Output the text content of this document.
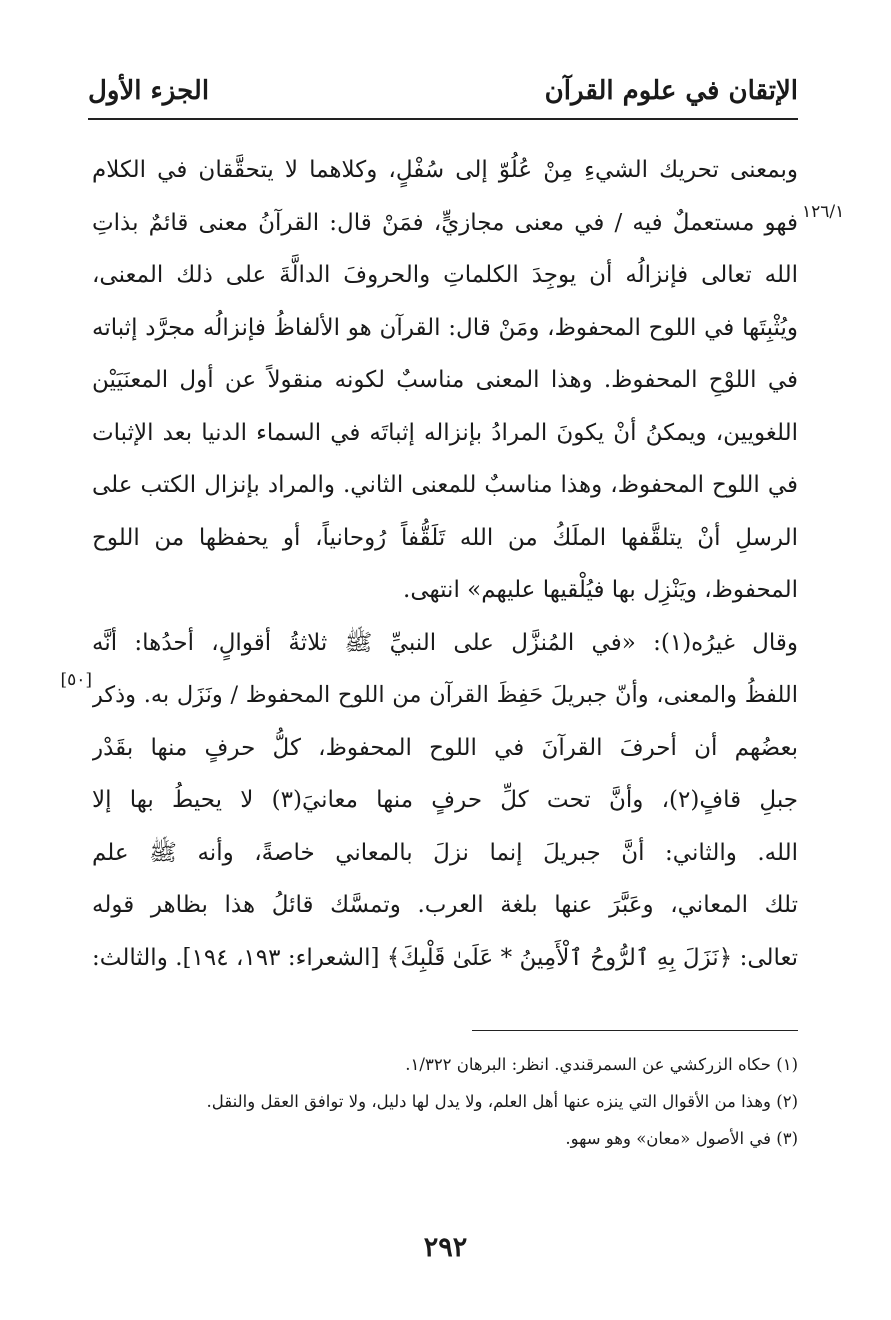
الإتقان في علوم القرآن
الجزء الأول
١٢٦/١
[٥٠]
وبمعنى تحريك الشيءِ مِنْ عُلُوّ إلى سُفْلٍ، وكلاهما لا يتحقَّقان في الكلام
فهو مستعملٌ فيه / في معنى مجازيٍّ، فمَنْ قال: القرآنُ معنى قائمٌ بذاتِ
الله تعالى فإنزالُه أن يوجِدَ الكلماتِ والحروفَ الدالَّةَ على ذلك المعنى،
ويُثْبِتَها في اللوح المحفوظ، ومَنْ قال: القرآن هو الألفاظُ فإنزالُه مجرَّد إثباته
في اللوْحِ المحفوظ. وهذا المعنى مناسبٌ لكونه منقولاً عن أول المعنَيَيْن
اللغويين، ويمكنُ أنْ يكونَ المرادُ بإنزاله إثباتَه في السماء الدنيا بعد الإثبات
في اللوح المحفوظ، وهذا مناسبٌ للمعنى الثاني. والمراد بإنزال الكتب على
الرسلِ أنْ يتلقَّفها الملَكُ من الله تَلَقُّفاً رُوحانياً، أو يحفظها من اللوح
المحفوظ، ويَنْزِل بها فيُلْقيها عليهم» انتهى.
وقال غيرُه(١): «في المُنزَّل على النبيِّ ﷺ ثلاثةُ أقوالٍ، أحدُها: أنَّه
اللفظُ والمعنى، وأنّ جبريلَ حَفِظَ القرآن من اللوح المحفوظ / ونَزَل به. وذكر
بعضُهم أن أحرفَ القرآنَ في اللوح المحفوظ، كلُّ حرفٍ منها بقَدْر
جبلِ قافٍ(٢)، وأنَّ تحت كلِّ حرفٍ منها معانيَ(٣) لا يحيطُ بها إلا
الله. والثاني: أنَّ جبريلَ إنما نزلَ بالمعاني خاصةً، وأنه ﷺ علم
تلك المعاني، وعَبَّرَ عنها بلغة العرب. وتمسَّك قائلُ هذا بظاهر قوله
تعالى: ﴿نَزَلَ بِهِ ٱلرُّوحُ ٱلْأَمِينُ * عَلَىٰ قَلْبِكَ﴾ [الشعراء: ١٩٣، ١٩٤]. والثالث:
(١) حكاه الزركشي عن السمرقندي. انظر: البرهان ١/٣٢٢.
(٢) وهذا من الأقوال التي ينزه عنها أهل العلم، ولا يدل لها دليل، ولا توافق العقل والنقل.
(٣) في الأصول «معان» وهو سهو.
٢٩٢
